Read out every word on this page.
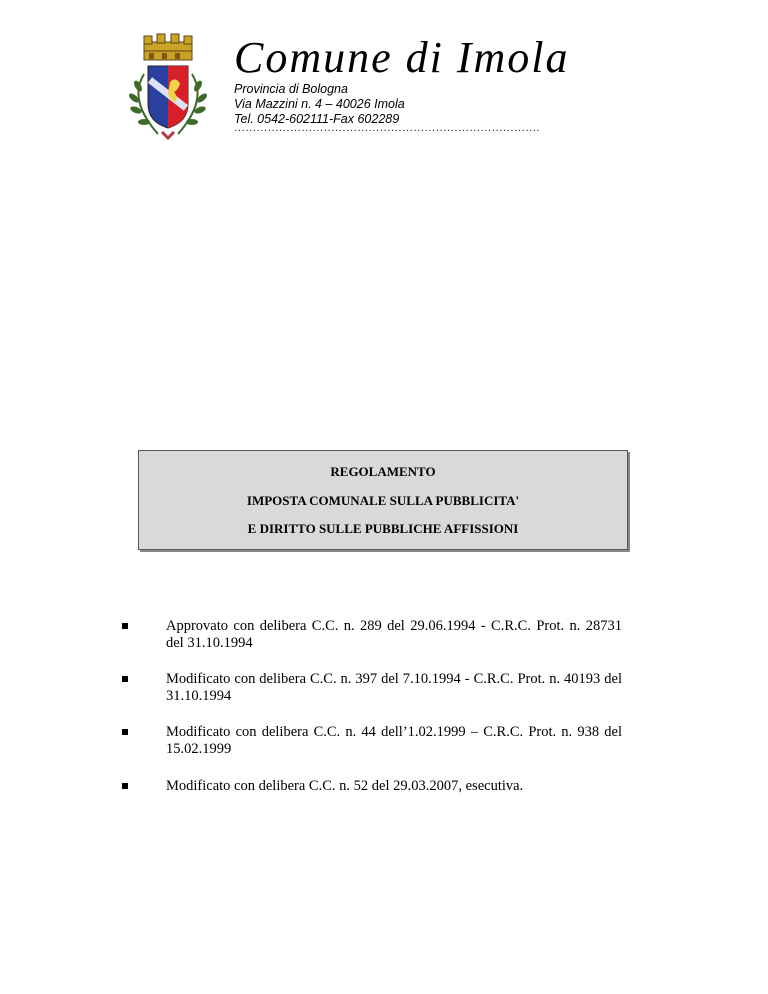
Comune di Imola
Provincia di Bologna
Via Mazzini n. 4 – 40026 Imola
Tel. 0542-602111-Fax 602289
……………………………………………………………………….
REGOLAMENTO
IMPOSTA COMUNALE SULLA PUBBLICITA'
E DIRITTO SULLE PUBBLICHE AFFISSIONI
Approvato con delibera C.C. n. 289 del 29.06.1994 - C.R.C. Prot. n. 28731 del 31.10.1994
Modificato con delibera C.C. n. 397 del 7.10.1994 - C.R.C. Prot. n. 40193 del 31.10.1994
Modificato con delibera C.C. n. 44 dell’1.02.1999 – C.R.C. Prot. n. 938 del 15.02.1999
Modificato con delibera C.C. n. 52 del 29.03.2007, esecutiva.
